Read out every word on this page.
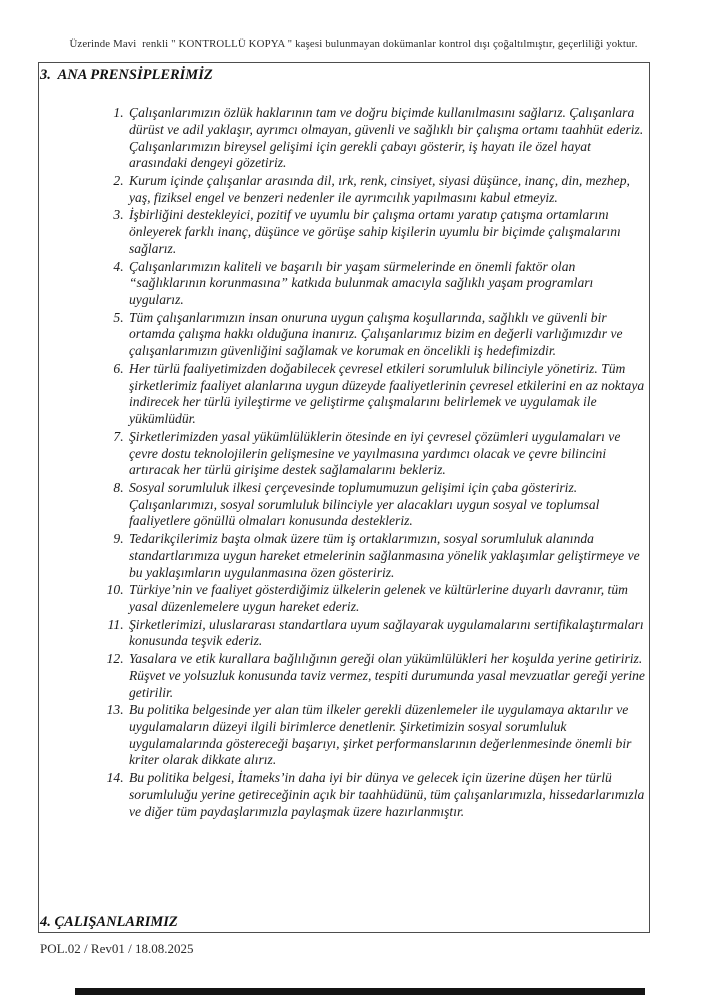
Üzerinde Mavi  renkli " KONTROLLÜ KOPYA " kaşesi bulunmayan dokümanlar kontrol dışı çoğaltılmıştır, geçerliliği yoktur.
3.  ANA PRENSİPLERİMİZ
1. Çalışanlarımızın özlük haklarının tam ve doğru biçimde kullanılmasını sağlarız. Çalışanlara dürüst ve adil yaklaşır, ayrımcı olmayan, güvenli ve sağlıklı bir çalışma ortamı taahhüt ederiz. Çalışanlarımızın bireysel gelişimi için gerekli çabayı gösterir, iş hayatı ile özel hayat arasındaki dengeyi gözetiriz.
2. Kurum içinde çalışanlar arasında dil, ırk, renk, cinsiyet, siyasi düşünce, inanç, din, mezhep, yaş, fiziksel engel ve benzeri nedenler ile ayrımcılık yapılmasını kabul etmeyiz.
3. İşbirliğini destekleyici, pozitif ve uyumlu bir çalışma ortamı yaratıp çatışma ortamlarını önleyerek farklı inanç, düşünce ve görüşe sahip kişilerin uyumlu bir biçimde çalışmalarını sağlarız.
4. Çalışanlarımızın kaliteli ve başarılı bir yaşam sürmelerinde en önemli faktör olan “sağlıklarının korunmasına” katkıda bulunmak amacıyla sağlıklı yaşam programları uygularız.
5. Tüm çalışanlarımızın insan onuruna uygun çalışma koşullarında, sağlıklı ve güvenli bir ortamda çalışma hakkı olduğuna inanırız. Çalışanlarımız bizim en değerli varlığımızdır ve çalışanlarımızın güvenliğini sağlamak ve korumak en öncelikli iş hedefimizdir.
6. Her türlü faaliyetimizden doğabilecek çevresel etkileri sorumluluk bilinciyle yönetiriz. Tüm şirketlerimiz faaliyet alanlarına uygun düzeyde faaliyetlerinin çevresel etkilerini en az noktaya indirecek her türlü iyileştirme ve geliştirme çalışmalarını belirlemek ve uygulamak ile yükümlüdür.
7. Şirketlerimizden yasal yükümlülüklerin ötesinde en iyi çevresel çözümleri uygulamaları ve çevre dostu teknolojilerin gelişmesine ve yayılmasına yardımcı olacak ve çevre bilincini artıracak her türlü girişime destek sağlamalarını bekleriz.
8. Sosyal sorumluluk ilkesi çerçevesinde toplumumuzun gelişimi için çaba gösteririz. Çalışanlarımızı, sosyal sorumluluk bilinciyle yer alacakları uygun sosyal ve toplumsal faaliyetlere gönüllü olmaları konusunda destekleriz.
9. Tedarikçilerimiz başta olmak üzere tüm iş ortaklarımızın, sosyal sorumluluk alanında standartlarımıza uygun hareket etmelerinin sağlanmasına yönelik yaklaşımlar geliştirmeye ve bu yaklaşımların uygulanmasına özen gösteririz.
10. Türkiye’nin ve faaliyet gösterdiğimiz ülkelerin gelenek ve kültürlerine duyarlı davranır, tüm yasal düzenlemelere uygun hareket ederiz.
11. Şirketlerimizi, uluslararası standartlara uyum sağlayarak uygulamalarını sertifikalaştırmaları konusunda teşvik ederiz.
12. Yasalara ve etik kurallara bağlılığının gereği olan yükümlülükleri her koşulda yerine getiririz. Rüşvet ve yolsuzluk konusunda taviz vermez, tespiti durumunda yasal mevzuatlar gereği yerine getirilir.
13. Bu politika belgesinde yer alan tüm ilkeler gerekli düzenlemeler ile uygulamaya aktarılır ve uygulamaların düzeyi ilgili birimlerce denetlenir. Şirketimizin sosyal sorumluluk uygulamalarında göstereceği başarıyı, şirket performanslarının değerlenmesinde önemli bir kriter olarak dikkate alırız.
14. Bu politika belgesi, İtameks’in daha iyi bir dünya ve gelecek için üzerine düşen her türlü sorumluluğu yerine getireceğinin açık bir taahhüdünü, tüm çalışanlarımızla, hissedarlarımızla ve diğer tüm paydaşlarımızla paylaşmak üzere hazırlanmıştır.
4. ÇALIŞANLARIMIZ
POL.02 / Rev01 / 18.08.2025
